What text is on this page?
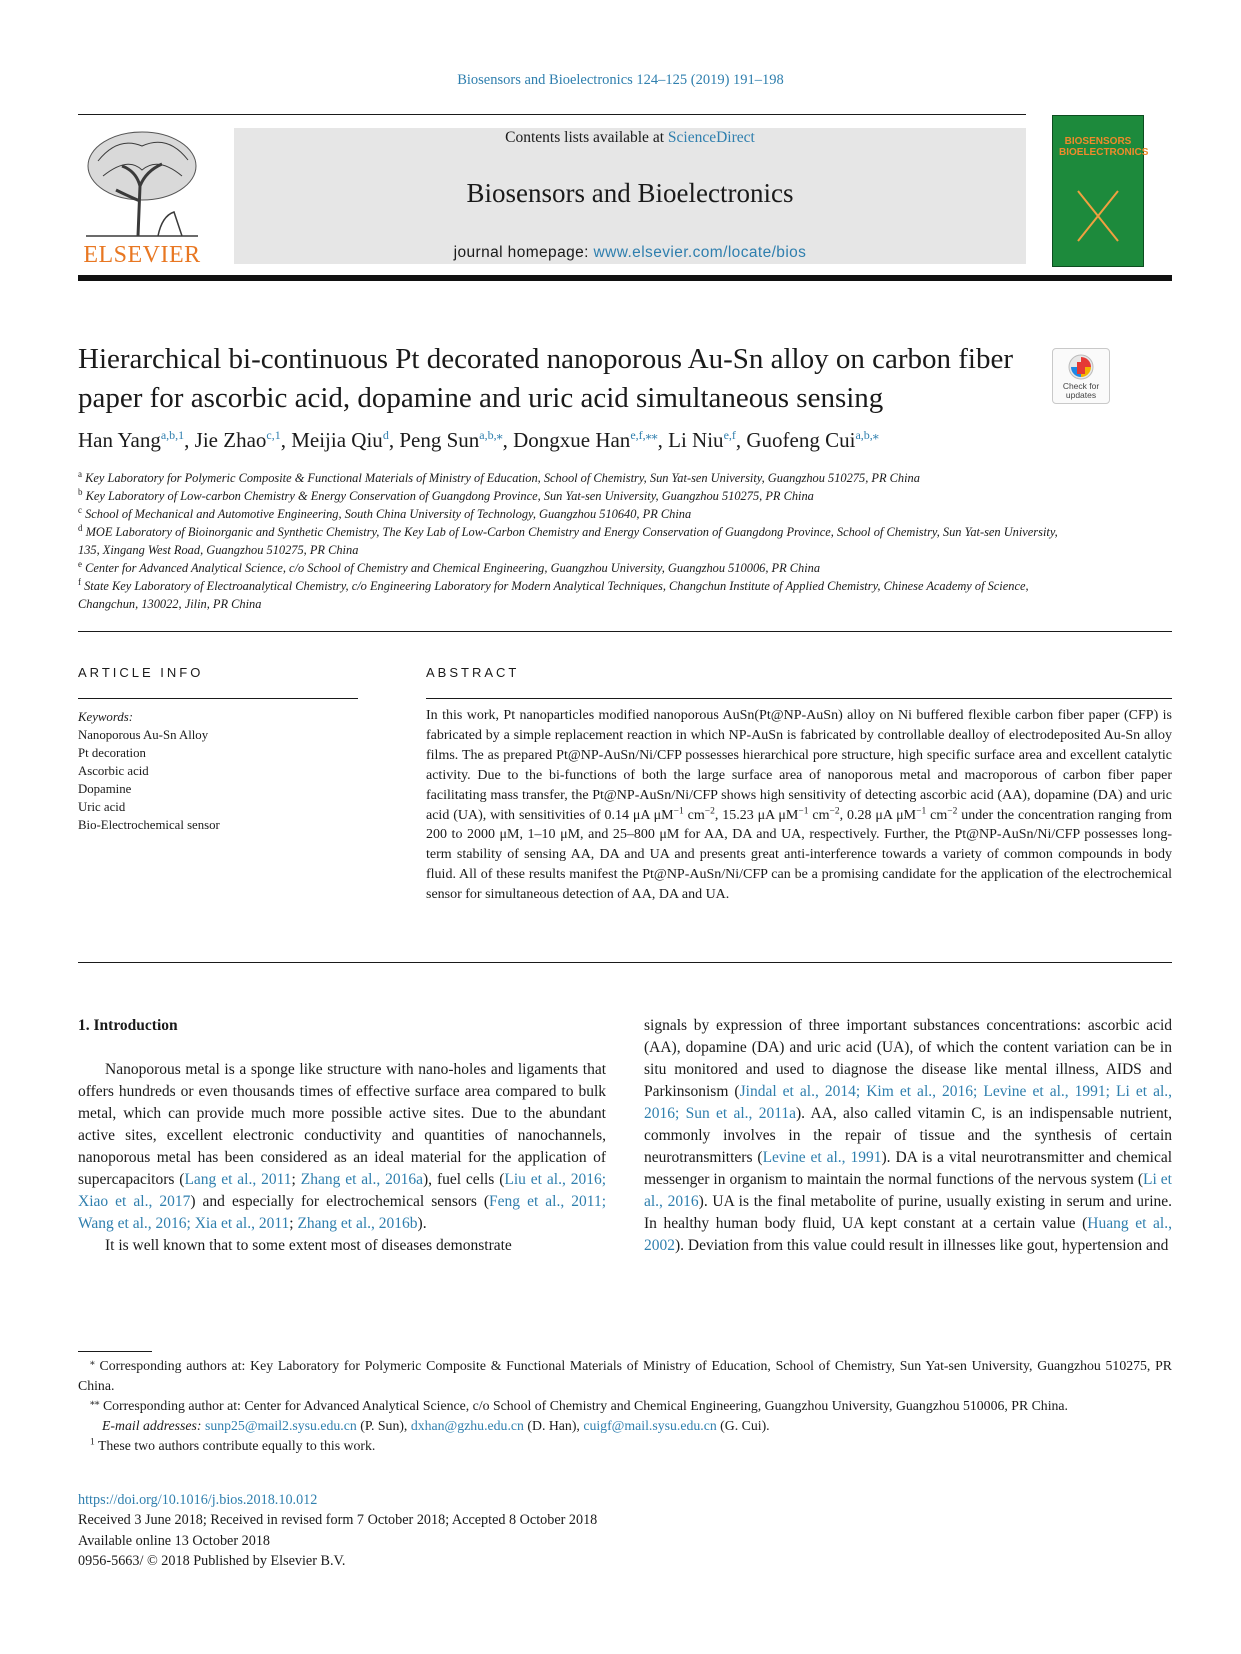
Biosensors and Bioelectronics 124–125 (2019) 191–198
ELSEVIER
Contents lists available at ScienceDirect
Biosensors and Bioelectronics
journal homepage: www.elsevier.com/locate/bios
BIOSENSORS BIOELECTRONICS
Hierarchical bi-continuous Pt decorated nanoporous Au-Sn alloy on carbon fiber paper for ascorbic acid, dopamine and uric acid simultaneous sensing	Check for updates
Han Yang$^{a,b,1}$, Jie Zhao$^{c,1}$, Meijia Qiu$^d$, Peng Sun$^{a,b,⁎}$, Dongxue Han$^{e,f,⁎⁎}$, Li Niu$^{e,f}$, Guofeng Cui$^{a,b,⁎}$

$^a$ Key Laboratory for Polymeric Composite & Functional Materials of Ministry of Education, School of Chemistry, Sun Yat-sen University, Guangzhou 510275, PR China

$^b$ Key Laboratory of Low-carbon Chemistry & Energy Conservation of Guangdong Province, Sun Yat-sen University, Guangzhou 510275, PR China

$^c$ School of Mechanical and Automotive Engineering, South China University of Technology, Guangzhou 510640, PR China

$^d$ MOE Laboratory of Bioinorganic and Synthetic Chemistry, The Key Lab of Low-Carbon Chemistry and Energy Conservation of Guangdong Province, School of Chemistry, Sun Yat-sen University, 135, Xingang West Road, Guangzhou 510275, PR China

$^e$ Center for Advanced Analytical Science, c/o School of Chemistry and Chemical Engineering, Guangzhou University, Guangzhou 510006, PR China

$^f$ State Key Laboratory of Electroanalytical Chemistry, c/o Engineering Laboratory for Modern Analytical Techniques, Changchun Institute of Applied Chemistry, Chinese Academy of Science, Changchun, 130022, Jilin, PR China

ARTICLE INFO	ABSTRACT
Keywords:
Nanoporous Au-Sn Alloy
Pt decoration
Ascorbic acid
Dopamine
Uric acid
Bio-Electrochemical sensor
In this work, Pt nanoparticles modified nanoporous AuSn(Pt@NP-AuSn) alloy on Ni buffered flexible carbon fiber paper (CFP) is fabricated by a simple replacement reaction in which NP-AuSn is fabricated by controllable dealloy of electrodeposited Au-Sn alloy films. The as prepared Pt@NP-AuSn/Ni/CFP possesses hierarchical pore structure, high specific surface area and excellent catalytic activity. Due to the bi-functions of both the large surface area of nanoporous metal and macroporous of carbon fiber paper facilitating mass transfer, the Pt@NP-AuSn/Ni/CFP shows high sensitivity of detecting ascorbic acid (AA), dopamine (DA) and uric acid (UA), with sensitivities of 0.14 μA $\mu M^{-1}$ $cm^{-2}$, 15.23 μA $\mu M^{-1}$ $cm^{-2}$, 0.28 μA $\mu M^{-1}$ $cm^{-2}$ under the concentration ranging from 200 to 2000 μM, 1–10 μM, and 25–800 μM for AA, DA and UA, respectively. Further, the Pt@NP-AuSn/Ni/CFP possesses long-term stability of sensing AA, DA and UA and presents great anti-interference towards a variety of common compounds in body fluid. All of these results manifest the Pt@NP-AuSn/Ni/CFP can be a promising candidate for the application of the electrochemical sensor for simultaneous detection of AA, DA and UA.

1. Introduction

Nanoporous metal is a sponge like structure with nano-holes and ligaments that offers hundreds or even thousands times of effective surface area compared to bulk metal, which can provide much more possible active sites. Due to the abundant active sites, excellent electronic conductivity and quantities of nanochannels, nanoporous metal has been considered as an ideal material for the application of supercapacitors (Lang et al., 2011; Zhang et al., 2016a), fuel cells (Liu et al., 2016; Xiao et al., 2017) and especially for electrochemical sensors (Feng et al., 2011; Wang et al., 2016; Xia et al., 2011; Zhang et al., 2016b).

It is well known that to some extent most of diseases demonstrate

signals by expression of three important substances concentrations: ascorbic acid (AA), dopamine (DA) and uric acid (UA), of which the content variation can be in situ monitored and used to diagnose the disease like mental illness, AIDS and Parkinsonism (Jindal et al., 2014; Kim et al., 2016; Levine et al., 1991; Li et al., 2016; Sun et al., 2011a). AA, also called vitamin C, is an indispensable nutrient, commonly involves in the repair of tissue and the synthesis of certain neurotransmitters (Levine et al., 1991). DA is a vital neurotransmitter and chemical messenger in organism to maintain the normal functions of the nervous system (Li et al., 2016). UA is the final metabolite of purine, usually existing in serum and urine. In healthy human body fluid, UA kept constant at a certain value (Huang et al., 2002). Deviation from this value could result in illnesses like gout, hypertension and

⁎ Corresponding authors at: Key Laboratory for Polymeric Composite & Functional Materials of Ministry of Education, School of Chemistry, Sun Yat-sen University, Guangzhou 510275, PR China.

⁎⁎ Corresponding author at: Center for Advanced Analytical Science, c/o School of Chemistry and Chemical Engineering, Guangzhou University, Guangzhou 510006, PR China.

E-mail addresses: sunp25@mail2.sysu.edu.cn (P. Sun), dxhan@gzhu.edu.cn (D. Han), cuigf@mail.sysu.edu.cn (G. Cui).

$^1$ These two authors contribute equally to this work.

https://doi.org/10.1016/j.bios.2018.10.012

Received 3 June 2018; Received in revised form 7 October 2018; Accepted 8 October 2018

Available online 13 October 2018

0956-5663/ © 2018 Published by Elsevier B.V.
